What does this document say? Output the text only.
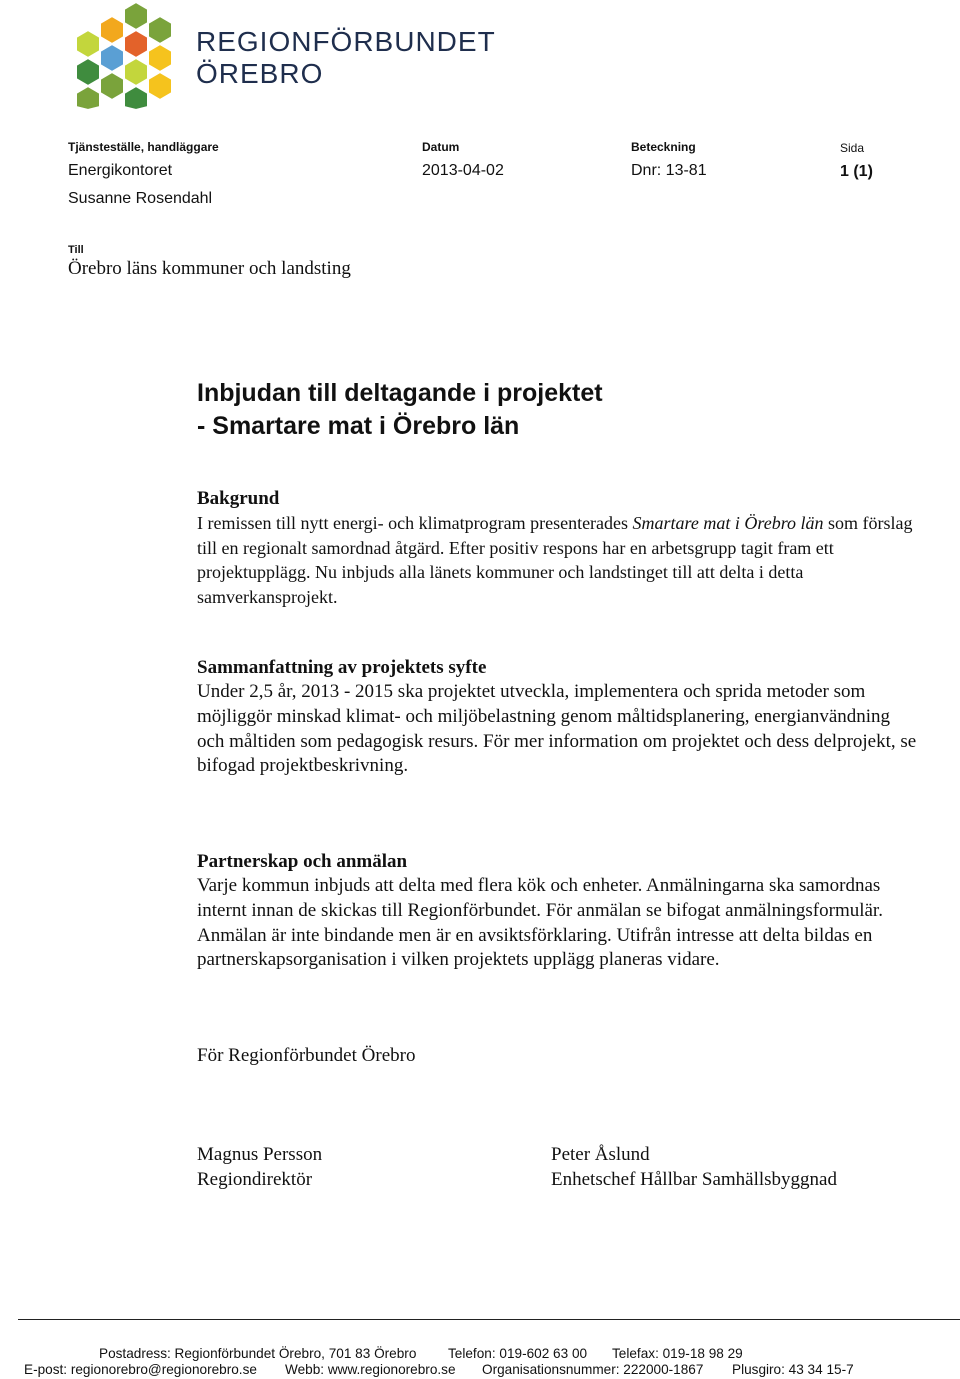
REGIONFÖRBUNDET
ÖREBRO
Tjänsteställe, handläggare
Energikontoret
Susanne Rosendahl
Datum
2013-04-02
Beteckning
Dnr: 13-81
Sida
1 (1)
Till
Örebro läns kommuner och landsting
Inbjudan till deltagande i projektet
- Smartare mat i Örebro län
Bakgrund
I remissen till nytt energi- och klimatprogram presenterades Smartare mat i Örebro län som förslag till en regionalt samordnad åtgärd. Efter positiv respons har en arbetsgrupp tagit fram ett projektupplägg. Nu inbjuds alla länets kommuner och landstinget till att delta i detta samverkansprojekt.
Sammanfattning av projektets syfte
Under 2,5 år, 2013 - 2015 ska projektet utveckla, implementera och sprida metoder som möjliggör minskad klimat- och miljöbelastning genom måltidsplanering, energianvändning och måltiden som pedagogisk resurs. För mer information om projektet och dess delprojekt, se bifogad projektbeskrivning.
Partnerskap och anmälan
Varje kommun inbjuds att delta med flera kök och enheter. Anmälningarna ska samordnas internt innan de skickas till Regionförbundet. För anmälan se bifogat anmälningsformulär. Anmälan är inte bindande men är en avsiktsförklaring. Utifrån intresse att delta bildas en partnerskapsorganisation i vilken projektets upplägg planeras vidare.
För Regionförbundet Örebro
Magnus Persson
Regiondirektör
Peter Åslund
Enhetschef Hållbar Samhällsbyggnad
Postadress: Regionförbundet Örebro, 701 83 Örebro Telefon: 019-602 63 00 Telefax: 019-18 98 29
E-post: regionorebro@regionorebro.se Webb: www.regionorebro.se Organisationsnummer: 222000-1867 Plusgiro: 43 34 15-7
